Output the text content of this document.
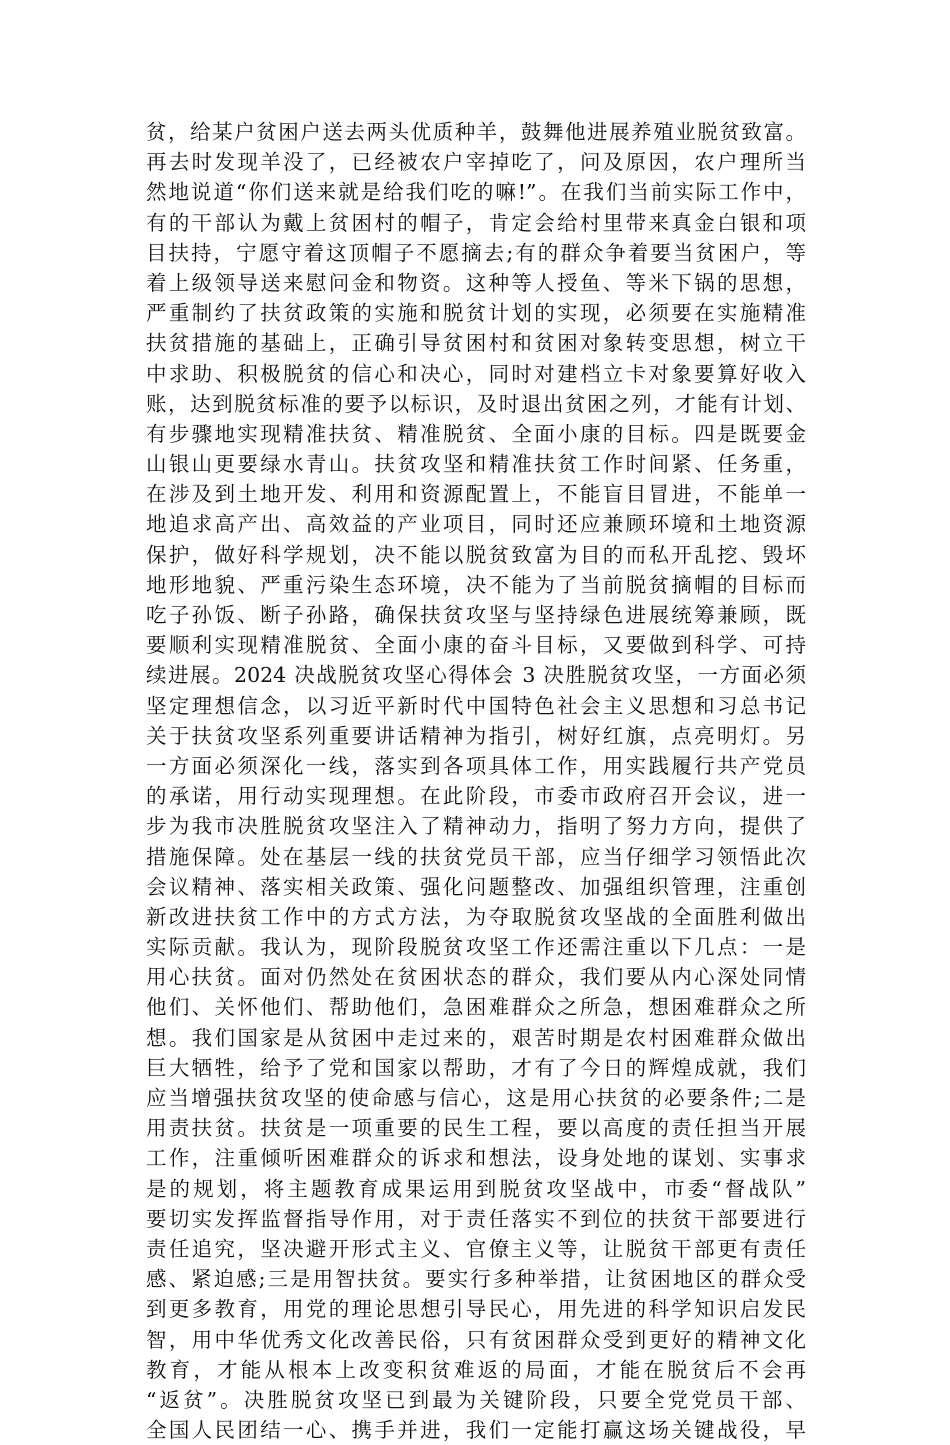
贫，给某户贫困户送去两头优质种羊，鼓舞他进展养殖业脱贫致富。
再去时发现羊没了，已经被农户宰掉吃了，问及原因，农户理所当
然地说道“你们送来就是给我们吃的嘛!”。在我们当前实际工作中，
有的干部认为戴上贫困村的帽子，肯定会给村里带来真金白银和项
目扶持，宁愿守着这顶帽子不愿摘去;有的群众争着要当贫困户，等
着上级领导送来慰问金和物资。这种等人授鱼、等米下锅的思想，
严重制约了扶贫政策的实施和脱贫计划的实现，必须要在实施精准
扶贫措施的基础上，正确引导贫困村和贫困对象转变思想，树立干
中求助、积极脱贫的信心和决心，同时对建档立卡对象要算好收入
账，达到脱贫标准的要予以标识，及时退出贫困之列，才能有计划、
有步骤地实现精准扶贫、精准脱贫、全面小康的目标。四是既要金
山银山更要绿水青山。扶贫攻坚和精准扶贫工作时间紧、任务重，
在涉及到土地开发、利用和资源配置上，不能盲目冒进，不能单一
地追求高产出、高效益的产业项目，同时还应兼顾环境和土地资源
保护，做好科学规划，决不能以脱贫致富为目的而私开乱挖、毁坏
地形地貌、严重污染生态环境，决不能为了当前脱贫摘帽的目标而
吃子孙饭、断子孙路，确保扶贫攻坚与坚持绿色进展统筹兼顾，既
要顺利实现精准脱贫、全面小康的奋斗目标，又要做到科学、可持
续进展。2024 决战脱贫攻坚心得体会 3 决胜脱贫攻坚，一方面必须
坚定理想信念，以习近平新时代中国特色社会主义思想和习总书记
关于扶贫攻坚系列重要讲话精神为指引，树好红旗，点亮明灯。另
一方面必须深化一线，落实到各项具体工作，用实践履行共产党员
的承诺，用行动实现理想。在此阶段，市委市政府召开会议，进一
步为我市决胜脱贫攻坚注入了精神动力，指明了努力方向，提供了
措施保障。处在基层一线的扶贫党员干部，应当仔细学习领悟此次
会议精神、落实相关政策、强化问题整改、加强组织管理，注重创
新改进扶贫工作中的方式方法，为夺取脱贫攻坚战的全面胜利做出
实际贡献。我认为，现阶段脱贫攻坚工作还需注重以下几点：一是
用心扶贫。面对仍然处在贫困状态的群众，我们要从内心深处同情
他们、关怀他们、帮助他们，急困难群众之所急，想困难群众之所
想。我们国家是从贫困中走过来的，艰苦时期是农村困难群众做出
巨大牺牲，给予了党和国家以帮助，才有了今日的辉煌成就，我们
应当增强扶贫攻坚的使命感与信心，这是用心扶贫的必要条件;二是
用责扶贫。扶贫是一项重要的民生工程，要以高度的责任担当开展
工作，注重倾听困难群众的诉求和想法，设身处地的谋划、实事求
是的规划，将主题教育成果运用到脱贫攻坚战中，市委“督战队”
要切实发挥监督指导作用，对于责任落实不到位的扶贫干部要进行
责任追究，坚决避开形式主义、官僚主义等，让脱贫干部更有责任
感、紧迫感;三是用智扶贫。要实行多种举措，让贫困地区的群众受
到更多教育，用党的理论思想引导民心，用先进的科学知识启发民
智，用中华优秀文化改善民俗，只有贫困群众受到更好的精神文化
教育，才能从根本上改变积贫难返的局面，才能在脱贫后不会再
“返贫”。决胜脱贫攻坚已到最为关键阶段，只要全党党员干部、
全国人民团结一心、携手并进，我们一定能打赢这场关键战役，早
